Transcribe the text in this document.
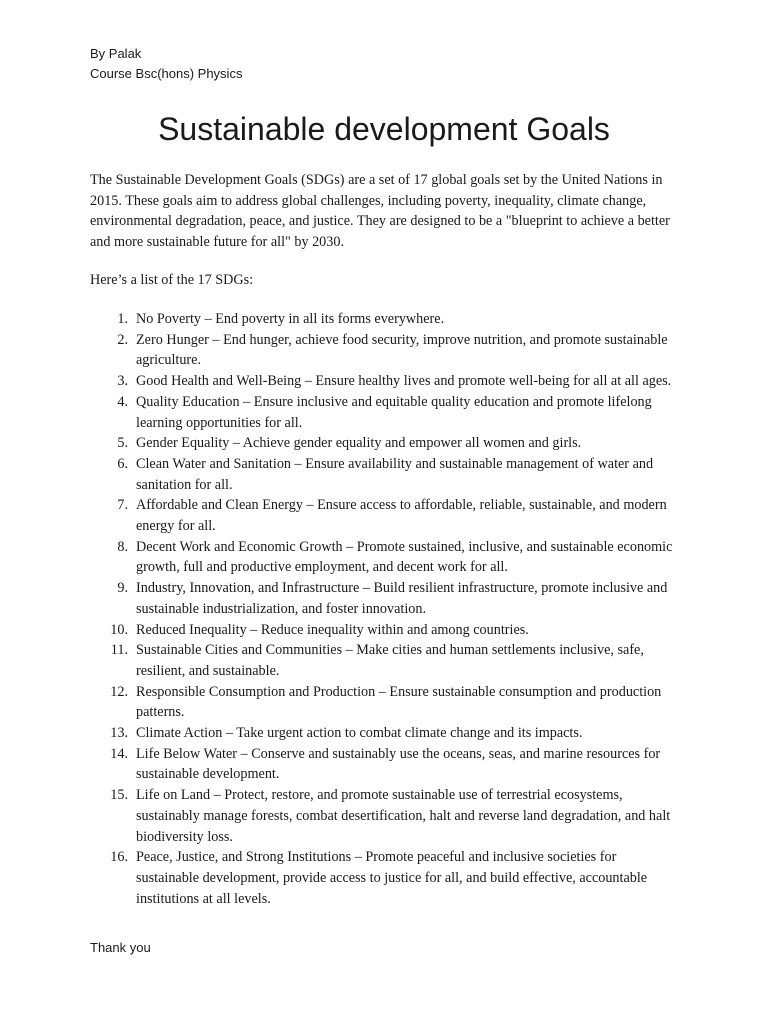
By Palak
Course Bsc(hons) Physics
Sustainable development Goals

The Sustainable Development Goals (SDGs) are a set of 17 global goals set by the United Nations in 2015. These goals aim to address global challenges, including poverty, inequality, climate change, environmental degradation, peace, and justice. They are designed to be a "blueprint to achieve a better and more sustainable future for all" by 2030.

Here’s a list of the 17 SDGs:

1. No Poverty – End poverty in all its forms everywhere.
2. Zero Hunger – End hunger, achieve food security, improve nutrition, and promote sustainable agriculture.
3. Good Health and Well-Being – Ensure healthy lives and promote well-being for all at all ages.
4. Quality Education – Ensure inclusive and equitable quality education and promote lifelong learning opportunities for all.
5. Gender Equality – Achieve gender equality and empower all women and girls.
6. Clean Water and Sanitation – Ensure availability and sustainable management of water and sanitation for all.
7. Affordable and Clean Energy – Ensure access to affordable, reliable, sustainable, and modern energy for all.
8. Decent Work and Economic Growth – Promote sustained, inclusive, and sustainable economic growth, full and productive employment, and decent work for all.
9. Industry, Innovation, and Infrastructure – Build resilient infrastructure, promote inclusive and sustainable industrialization, and foster innovation.
10. Reduced Inequality – Reduce inequality within and among countries.
11. Sustainable Cities and Communities – Make cities and human settlements inclusive, safe, resilient, and sustainable.
12. Responsible Consumption and Production – Ensure sustainable consumption and production patterns.
13. Climate Action – Take urgent action to combat climate change and its impacts.
14. Life Below Water – Conserve and sustainably use the oceans, seas, and marine resources for sustainable development.
15. Life on Land – Protect, restore, and promote sustainable use of terrestrial ecosystems, sustainably manage forests, combat desertification, halt and reverse land degradation, and halt biodiversity loss.
16. Peace, Justice, and Strong Institutions – Promote peaceful and inclusive societies for sustainable development, provide access to justice for all, and build effective, accountable institutions at all levels.

Thank you
